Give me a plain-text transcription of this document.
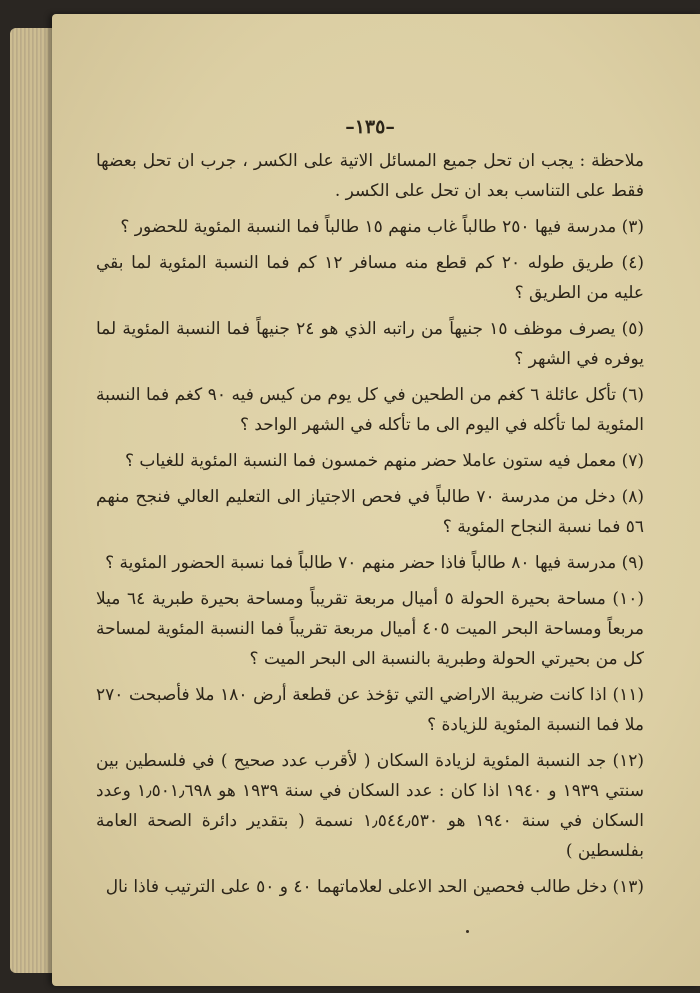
–١٣٥–

ملاحظة : يجب ان تحل جميع المسائل الاتية على الكسر ، جرب ان تحل بعضها فقط على التناسب بعد ان تحل على الكسر .

(٣) مدرسة فيها ٢٥٠ طالباً غاب منهم ١٥ طالباً فما النسبة المئوية للحضور ؟

(٤) طريق طوله ٢٠ كم قطع منه مسافر ١٢ كم فما النسبة المئوية لما بقي عليه من الطريق ؟

(٥) يصرف موظف ١٥ جنيهاً من راتبه الذي هو ٢٤ جنيهاً فما النسبة المئوية لما يوفره في الشهر ؟

(٦) تأكل عائلة ٦ كغم من الطحين في كل يوم من كيس فيه ٩٠ كغم فما النسبة المئوية لما تأكله في اليوم الى ما تأكله في الشهر الواحد ؟

(٧) معمل فيه ستون عاملا حضر منهم خمسون فما النسبة المئوية للغياب ؟

(٨) دخل من مدرسة ٧٠ طالباً في فحص الاجتياز الى التعليم العالي فنجح منهم ٥٦ فما نسبة النجاح المئوية ؟

(٩) مدرسة فيها ٨٠ طالباً فاذا حضر منهم ٧٠ طالباً فما نسبة الحضور المئوية ؟

(١٠) مساحة بحيرة الحولة ٥ أميال مربعة تقريباً ومساحة بحيرة طبرية ٦٤ ميلا مربعاً ومساحة البحر الميت ٤٠٥ أميال مربعة تقريباً فما النسبة المئوية لمساحة كل من بحيرتي الحولة وطبرية بالنسبة الى البحر الميت ؟

(١١) اذا كانت ضريبة الاراضي التي تؤخذ عن قطعة أرض ١٨٠ ملا فأصبحت ٢٧٠ ملا فما النسبة المئوية للزيادة ؟

(١٢) جد النسبة المئوية لزيادة السكان ( لأقرب عدد صحيح ) في فلسطين بين سنتي ١٩٣٩ و ١٩٤٠ اذا كان : عدد السكان في سنة ١٩٣٩ هو ١٫٥٠١٫٦٩٨ وعدد السكان في سنة ١٩٤٠ هو ١٫٥٤٤٫٥٣٠ نسمة ( بتقدير دائرة الصحة العامة بفلسطين )

(١٣) دخل طالب فحصين الحد الاعلى لعلاماتهما ٤٠ و ٥٠ على الترتيب فاذا نال
